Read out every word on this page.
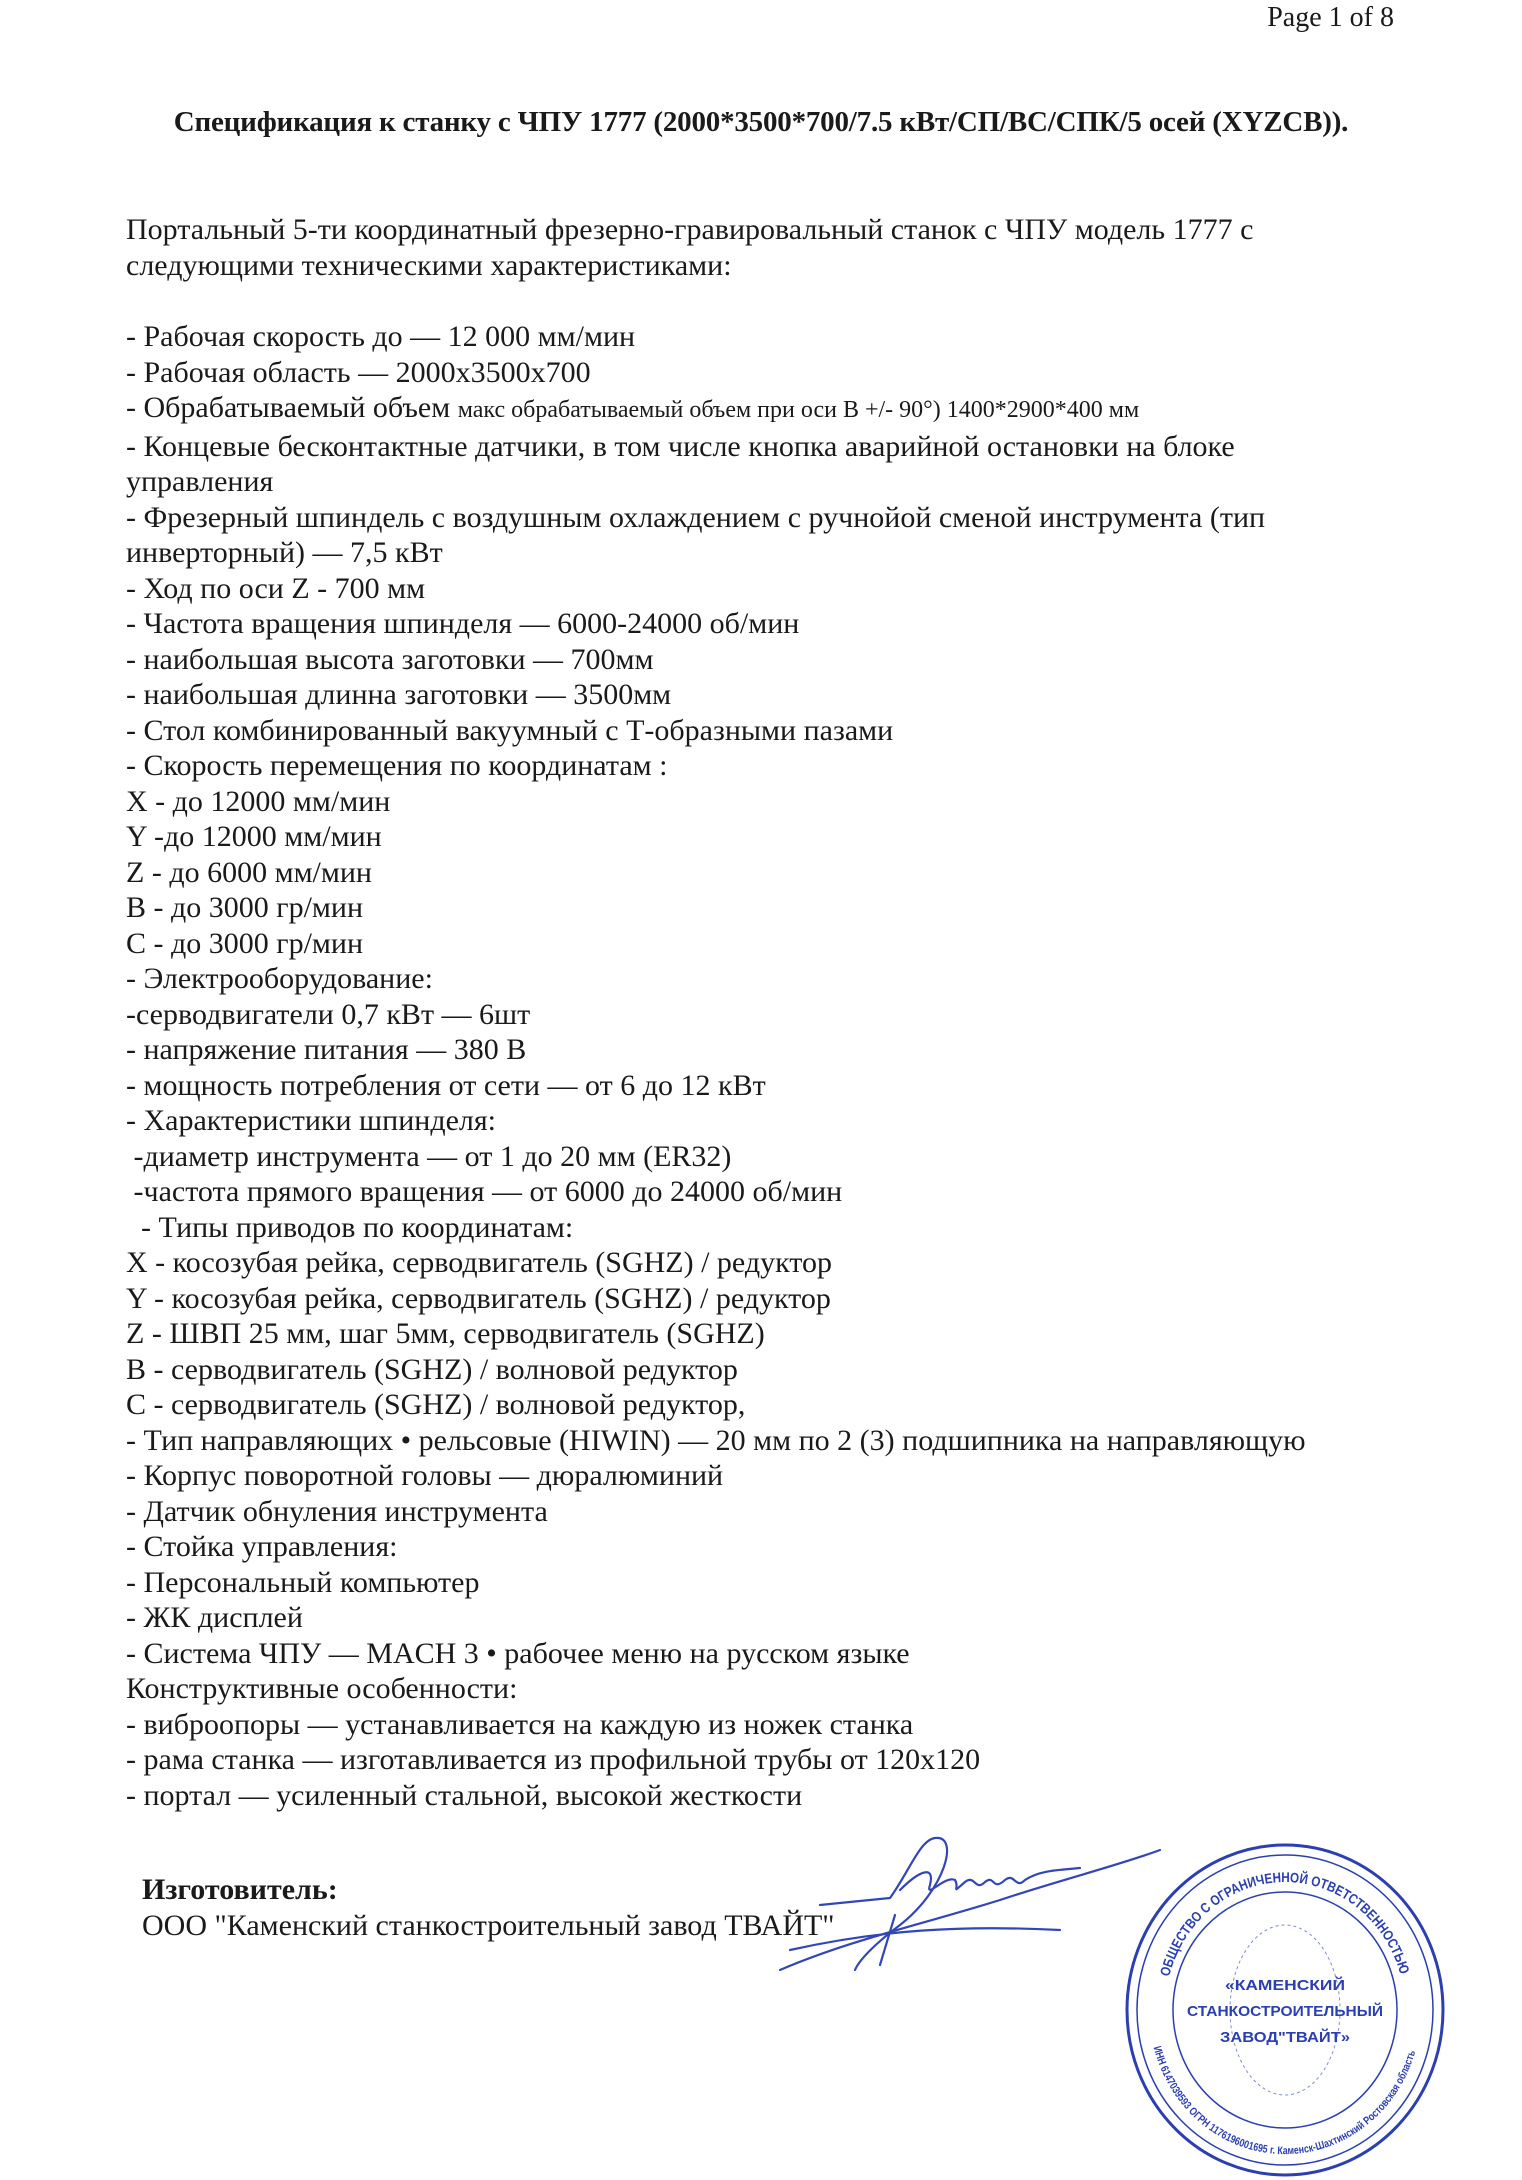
Page 1 of 8
Спецификация к станку с ЧПУ 1777 (2000*3500*700/7.5 кВт/СП/ВС/СПК/5 осей (XYZCB)).
Портальный 5-ти координатный фрезерно-гравировальный станок с ЧПУ модель 1777 с
следующими техническими характеристиками:
- Рабочая скорость до — 12 000 мм/мин
- Рабочая область — 2000х3500х700
- Обрабатываемый объем макс обрабатываемый объем при оси В +/- 90°) 1400*2900*400 мм
- Концевые бесконтактные датчики, в том числе кнопка аварийной остановки на блоке
управления
- Фрезерный шпиндель с воздушным охлаждением с ручнойой сменой инструмента (тип
инверторный) — 7,5 кВт
- Ход по оси Z - 700 мм
- Частота вращения шпинделя — 6000-24000 об/мин
- наибольшая высота заготовки — 700мм
- наибольшая длинна заготовки — 3500мм
- Стол комбинированный вакуумный с Т-образными пазами
- Скорость перемещения по координатам :
X - до 12000 мм/мин
Y -до 12000 мм/мин
Z - до 6000 мм/мин
B - до 3000 гр/мин
C - до 3000 гр/мин
- Электрооборудование:
-серводвигатели 0,7 кВт — 6шт
- напряжение питания — 380 В
- мощность потребления от сети — от 6 до 12 кВт
- Характеристики шпинделя:
-диаметр инструмента — от 1 до 20 мм (ER32)
-частота прямого вращения — от 6000 до 24000 об/мин
- Типы приводов по координатам:
X - косозубая рейка, серводвигатель (SGHZ) / редуктор
Y - косозубая рейка, серводвигатель (SGHZ) / редуктор
Z - ШВП 25 мм, шаг 5мм, серводвигатель (SGHZ)
B - серводвигатель (SGHZ) / волновой редуктор
C - серводвигатель (SGHZ) / волновой редуктор,
- Тип направляющих • рельсовые (HIWIN) — 20 мм по 2 (3) подшипника на направляющую
- Корпус поворотной головы — дюралюминий
- Датчик обнуления инструмента
- Стойка управления:
- Персональный компьютер
- ЖК дисплей
- Система ЧПУ — MACH 3 • рабочее меню на русском языке
Конструктивные особенности:
- виброопоры — устанавливается на каждую из ножек станка
- рама станка — изготавливается из профильной трубы от 120х120
- портал — усиленный стальной, высокой жесткости
Изготовитель:
ООО "Каменский станкостроительный завод ТВАЙТ"
ОБЩЕСТВО С ОГРАНИЧЕННОЙ ОТВЕТСТВЕННОСТЬЮ
ИНН 6147039593 ОГРН 1176196001695 г. Каменск-Шахтинский Ростовская область
«КАМЕНСКИЙ
СТАНКОСТРОИТЕЛЬНЫЙ
ЗАВОД"ТВАЙТ»
